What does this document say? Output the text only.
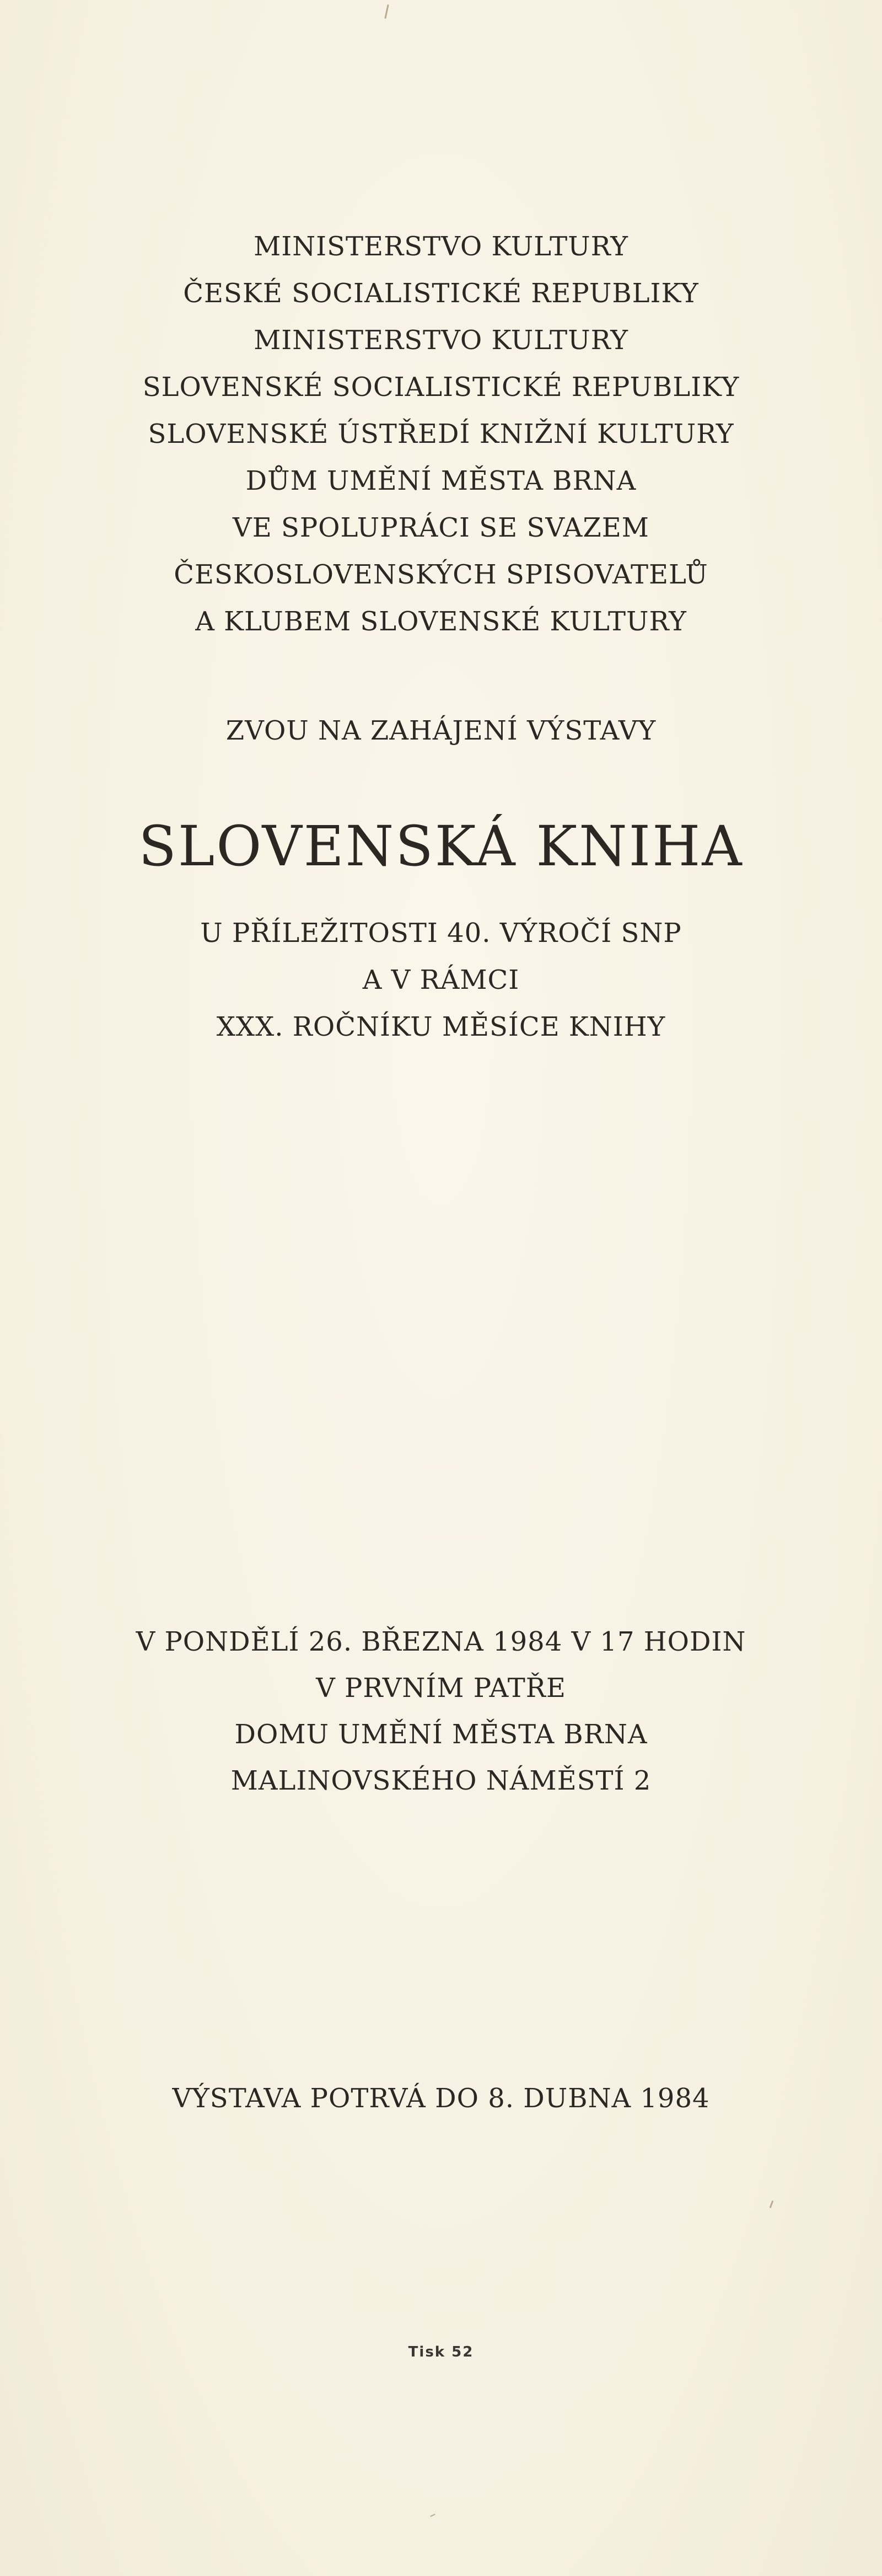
MINISTERSTVO KULTURY
ČESKÉ SOCIALISTICKÉ REPUBLIKY
MINISTERSTVO KULTURY
SLOVENSKÉ SOCIALISTICKÉ REPUBLIKY
SLOVENSKÉ ÚSTŘEDÍ KNIŽNÍ KULTURY
DŮM UMĚNÍ MĚSTA BRNA
VE SPOLUPRÁCI SE SVAZEM
ČESKOSLOVENSKÝCH SPISOVATELŮ
A KLUBEM SLOVENSKÉ KULTURY
ZVOU NA ZAHÁJENÍ VÝSTAVY
SLOVENSKÁ KNIHA
U PŘÍLEŽITOSTI 40. VÝROČÍ SNP
A V RÁMCI
XXX. ROČNÍKU MĚSÍCE KNIHY
V PONDĚLÍ 26. BŘEZNA 1984 V 17 HODIN
V PRVNÍM PATŘE
DOMU UMĚNÍ MĚSTA BRNA
MALINOVSKÉHO NÁMĚSTÍ 2
VÝSTAVA POTRVÁ DO 8. DUBNA 1984
Tisk 52
